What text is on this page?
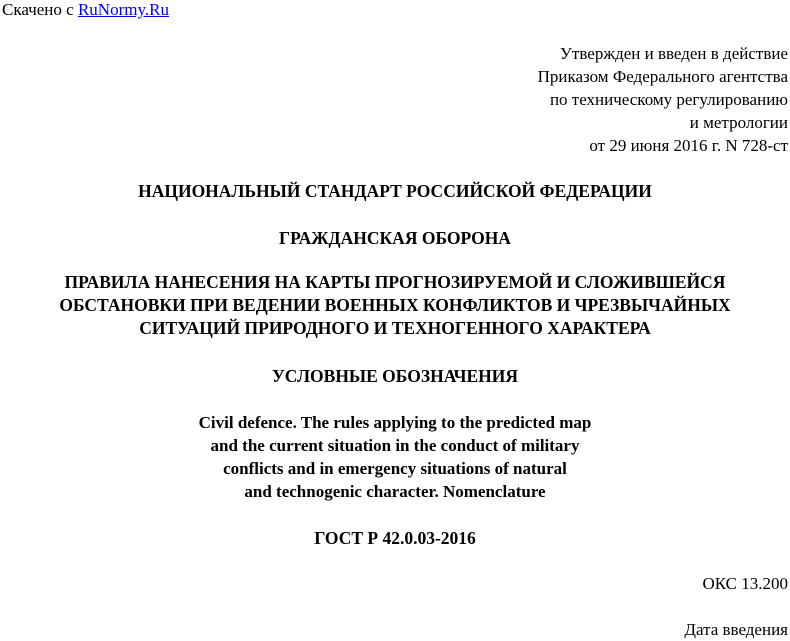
Скачено с RuNormy.Ru
Утвержден и введен в действие
Приказом Федерального агентства
по техническому регулированию
и метрологии
от 29 июня 2016 г. N 728-ст
НАЦИОНАЛЬНЫЙ СТАНДАРТ РОССИЙСКОЙ ФЕДЕРАЦИИ
ГРАЖДАНСКАЯ ОБОРОНА
ПРАВИЛА НАНЕСЕНИЯ НА КАРТЫ ПРОГНОЗИРУЕМОЙ И СЛОЖИВШЕЙСЯ
ОБСТАНОВКИ ПРИ ВЕДЕНИИ ВОЕННЫХ КОНФЛИКТОВ И ЧРЕЗВЫЧАЙНЫХ
СИТУАЦИЙ ПРИРОДНОГО И ТЕХНОГЕННОГО ХАРАКТЕРА
УСЛОВНЫЕ ОБОЗНАЧЕНИЯ
Civil defence. The rules applying to the predicted map
and the current situation in the conduct of military
conflicts and in emergency situations of natural
and technogenic character. Nomenclature
ГОСТ Р 42.0.03-2016
ОКС 13.200
Дата введения
